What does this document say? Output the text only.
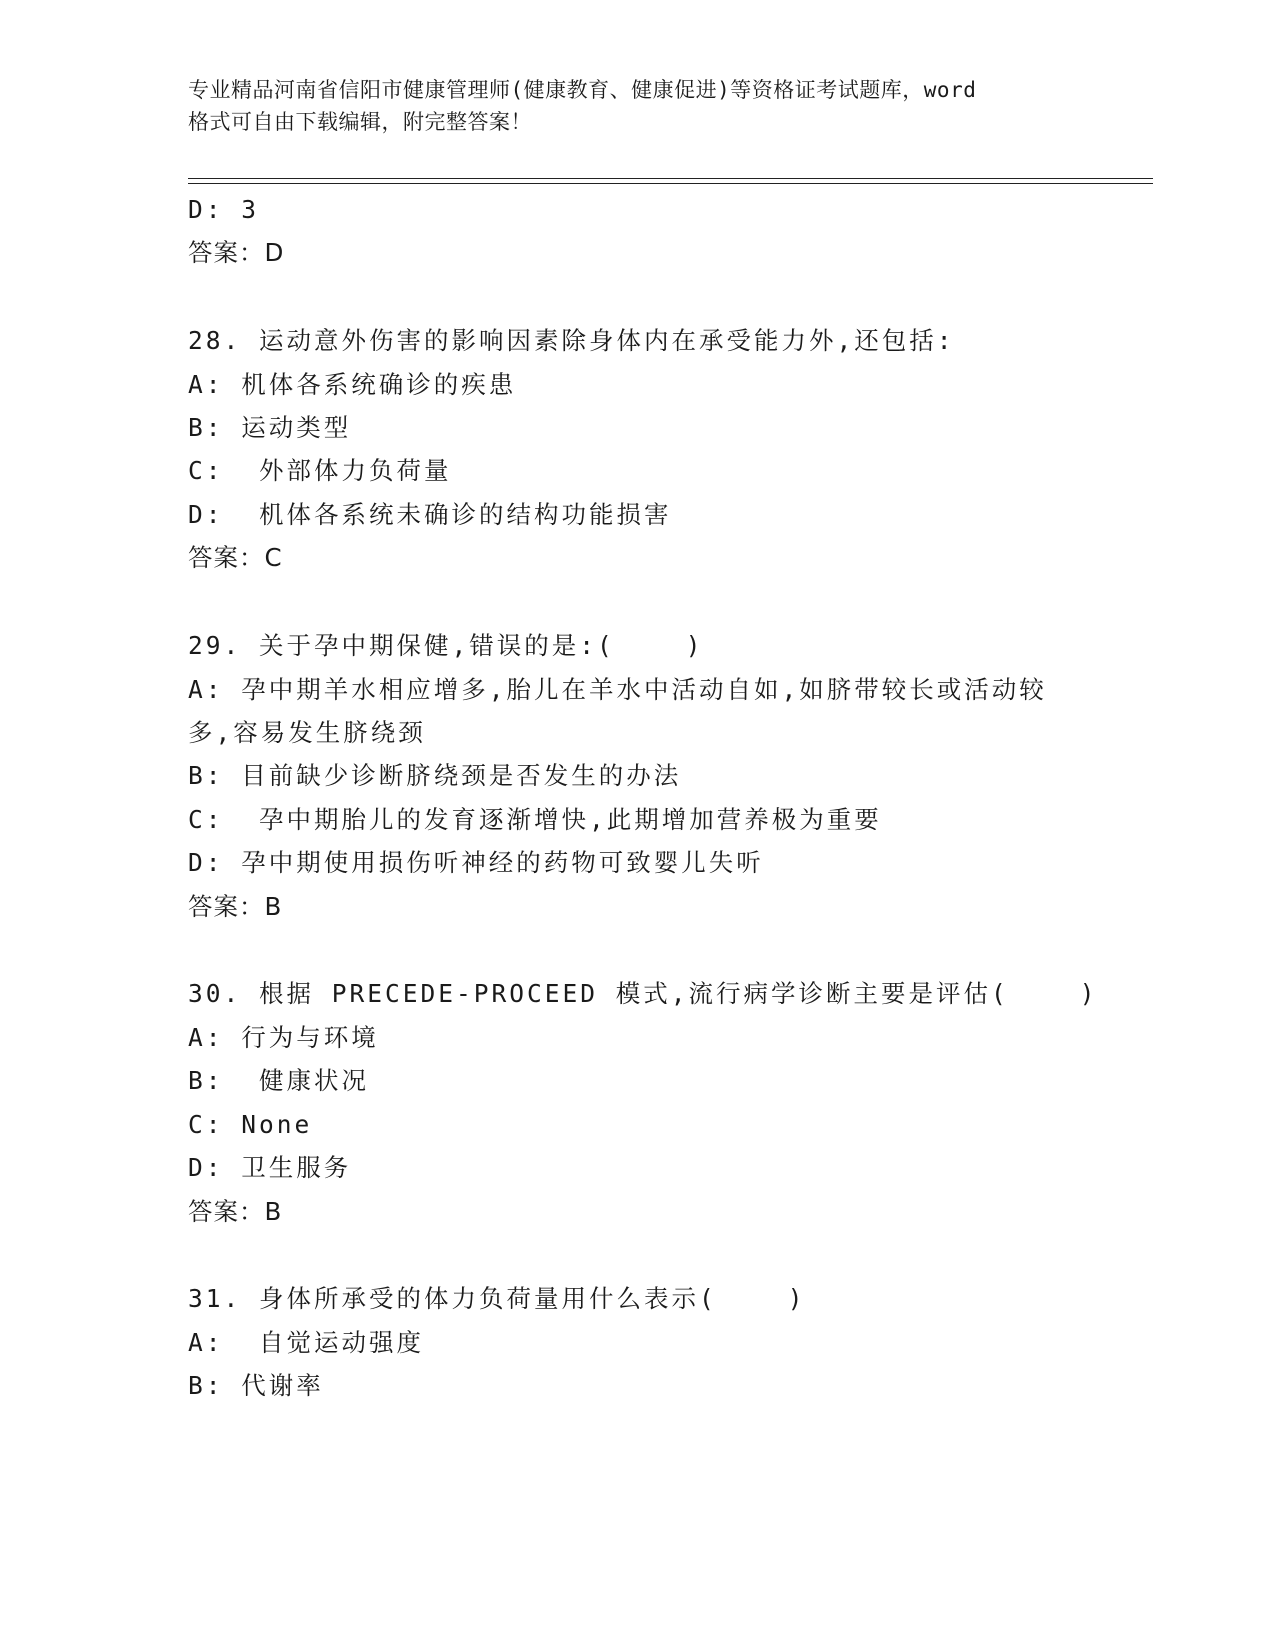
专业精品河南省信阳市健康管理师(健康教育、健康促进)等资格证考试题库，word
格式可自由下载编辑，附完整答案！
D: 3
答案：D
28. 运动意外伤害的影响因素除身体内在承受能力外,还包括:
A: 机体各系统确诊的疾患
B: 运动类型
C:  外部体力负荷量
D:  机体各系统未确诊的结构功能损害
答案：C
29. 关于孕中期保健,错误的是:(    )
A: 孕中期羊水相应增多,胎儿在羊水中活动自如,如脐带较长或活动较
多,容易发生脐绕颈
B: 目前缺少诊断脐绕颈是否发生的办法
C:  孕中期胎儿的发育逐渐增快,此期增加营养极为重要
D: 孕中期使用损伤听神经的药物可致婴儿失听
答案：B
30. 根据 PRECEDE-PROCEED 模式,流行病学诊断主要是评估(    )
A: 行为与环境
B:  健康状况
C: None
D: 卫生服务
答案：B
31. 身体所承受的体力负荷量用什么表示(    )
A:  自觉运动强度
B: 代谢率
